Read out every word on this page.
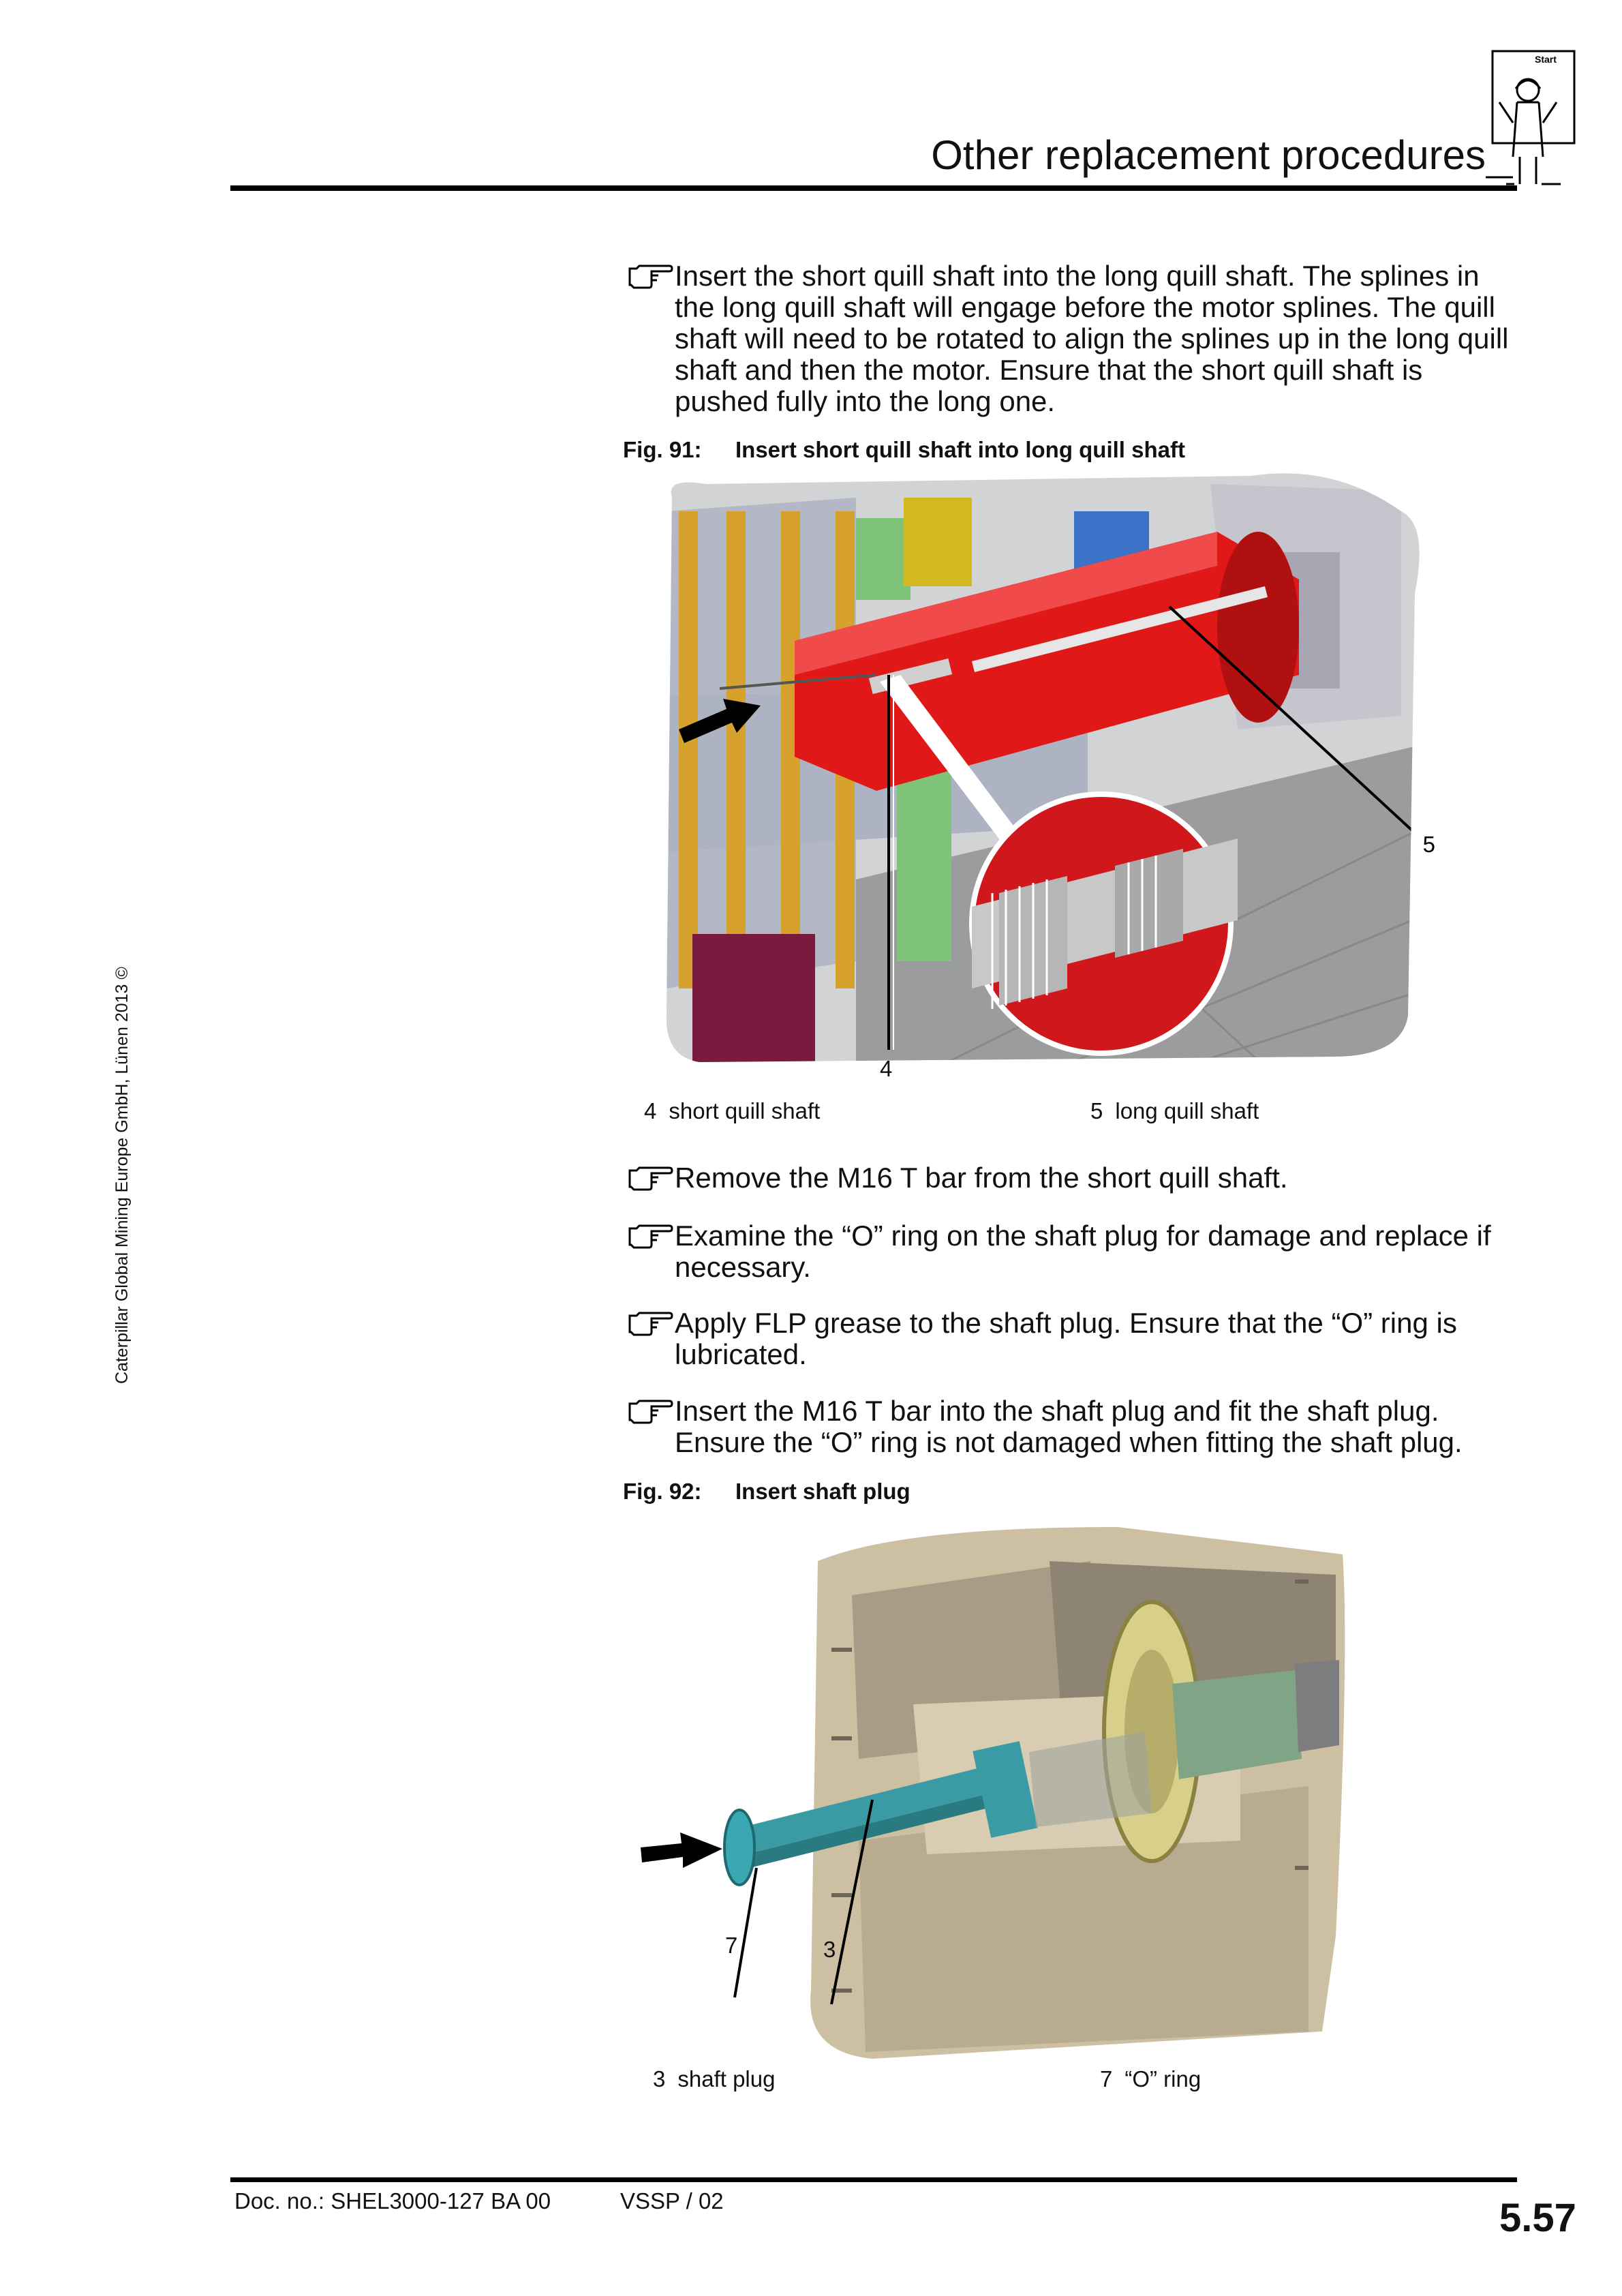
Other replacement procedures
Start
Caterpillar Global Mining Europe GmbH, Lünen 2013 ©
Insert the short quill shaft into the long quill shaft. The splines in the long quill shaft will engage before the motor splines. The quill shaft will need to be rotated to align the splines up in the long quill shaft and then the motor. Ensure that the short quill shaft is pushed fully into the long one.
Fig. 91: Insert short quill shaft into long quill shaft
5
4
4 short quill shaft	5 long quill shaft
Remove the M16 T bar from the short quill shaft.
Examine the “O” ring on the shaft plug for damage and replace if necessary.
Apply FLP grease to the shaft plug. Ensure that the “O” ring is lubricated.
Insert the M16 T bar into the shaft plug and fit the shaft plug. Ensure the “O” ring is not damaged when fitting the shaft plug.
Fig. 92: Insert shaft plug
7	3
3 shaft plug	7 “O” ring
Doc. no.: SHEL3000-127 BA 00	VSSP / 02	5.57
